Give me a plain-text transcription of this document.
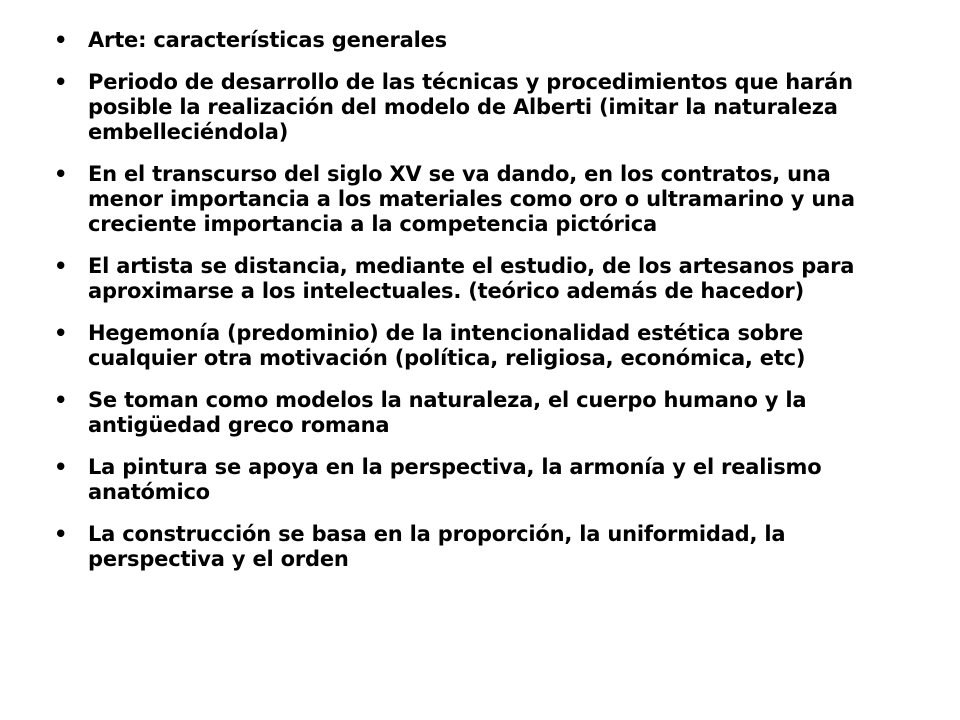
• Arte: características generales
• Periodo de desarrollo de las técnicas y procedimientos que harán posible la realización del modelo de Alberti (imitar la naturaleza embelleciéndola)
• En el transcurso del siglo XV se va dando, en los contratos, una menor importancia a los materiales como oro o ultramarino y una creciente importancia a la competencia pictórica
• El artista se distancia, mediante el estudio, de los artesanos para aproximarse a los intelectuales. (teórico además de hacedor)
• Hegemonía (predominio) de la intencionalidad estética sobre cualquier otra motivación (política, religiosa, económica, etc)
• Se toman como modelos la naturaleza, el cuerpo humano y la antigüedad greco romana
• La pintura se apoya en la perspectiva, la armonía y el realismo anatómico
• La construcción se basa en la proporción, la uniformidad, la perspectiva y el orden
